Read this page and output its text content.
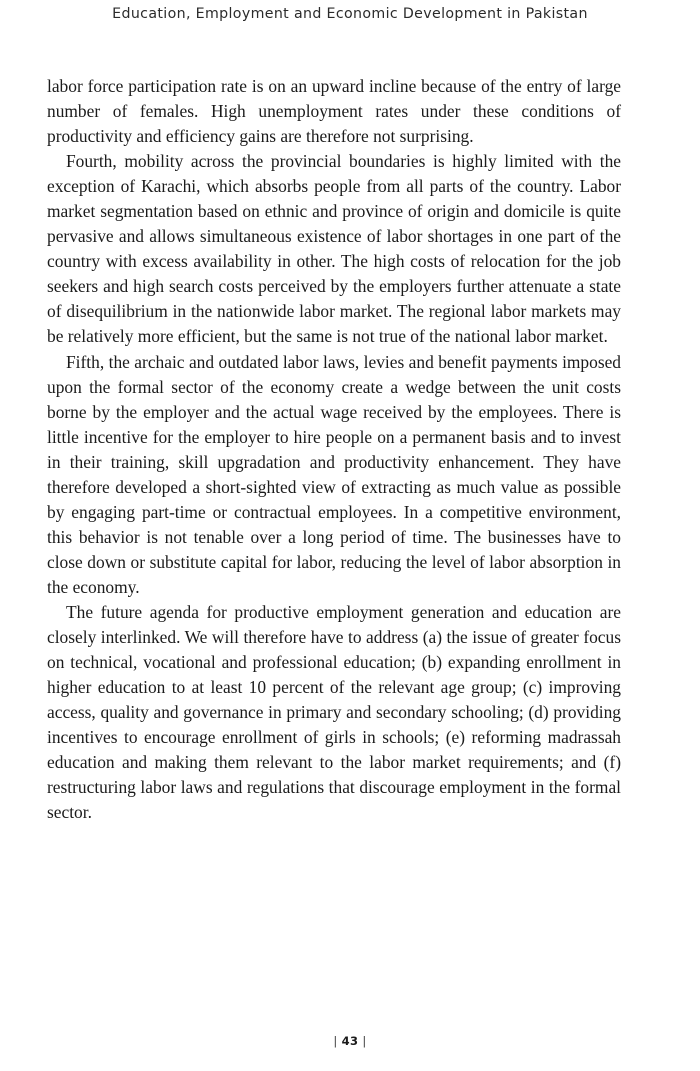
Education, Employment and Economic Development in Pakistan

labor force participation rate is on an upward incline because of the entry of large number of females. High unemployment rates under these conditions of productivity and efficiency gains are therefore not surprising.

Fourth, mobility across the provincial boundaries is highly limited with the exception of Karachi, which absorbs people from all parts of the country. Labor market segmentation based on ethnic and province of origin and domicile is quite pervasive and allows simultaneous existence of labor shortages in one part of the country with excess availability in other. The high costs of relocation for the job seekers and high search costs perceived by the employers further attenuate a state of disequilibrium in the nationwide labor market. The regional labor markets may be relatively more efficient, but the same is not true of the national labor market.

Fifth, the archaic and outdated labor laws, levies and benefit payments imposed upon the formal sector of the economy create a wedge between the unit costs borne by the employer and the actual wage received by the employees. There is little incentive for the employer to hire people on a permanent basis and to invest in their training, skill upgradation and productivity enhancement. They have therefore developed a short-sighted view of extracting as much value as possible by engaging part-time or contractual employees. In a competitive environment, this behavior is not tenable over a long period of time. The businesses have to close down or substitute capital for labor, reducing the level of labor absorption in the economy.

The future agenda for productive employment generation and education are closely interlinked. We will therefore have to address (a) the issue of greater focus on technical, vocational and professional education; (b) expanding enrollment in higher education to at least 10 percent of the relevant age group; (c) improving access, quality and governance in primary and secondary schooling; (d) providing incentives to encourage enrollment of girls in schools; (e) reforming madrassah education and making them relevant to the labor market requirements; and (f) restructuring labor laws and regulations that discourage employment in the formal sector.

| 43 |
